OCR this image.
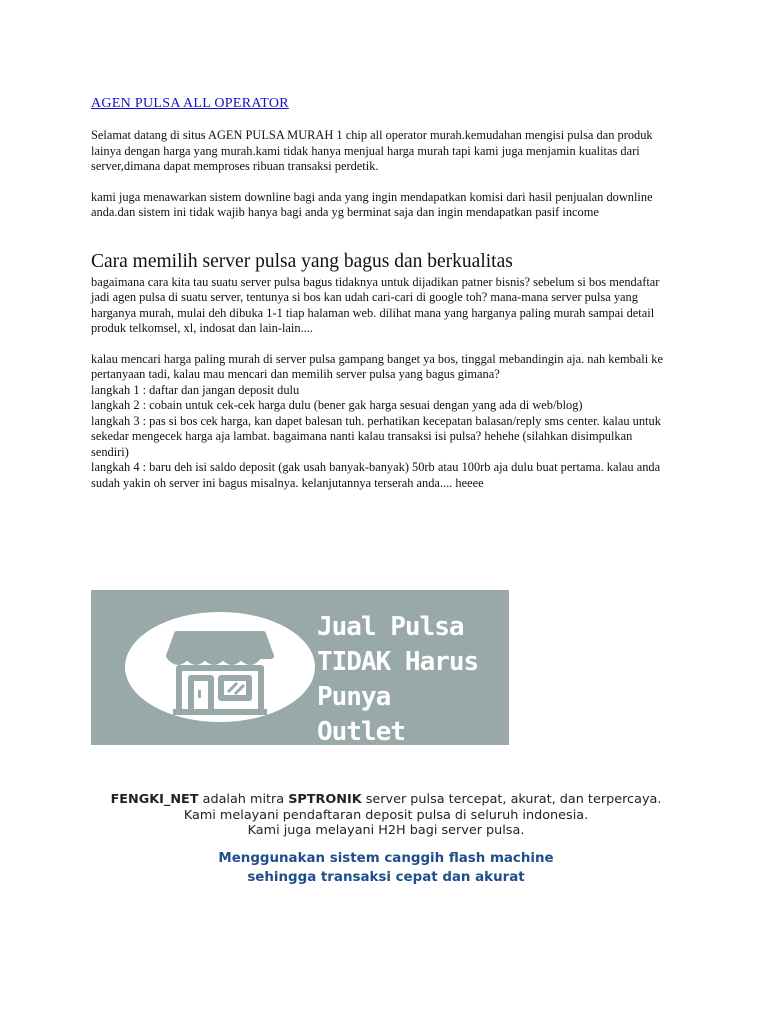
AGEN PULSA ALL OPERATOR

Selamat datang di situs AGEN PULSA MURAH 1 chip all operator murah.kemudahan mengisi pulsa dan produk lainya dengan harga yang murah.kami tidak hanya menjual harga murah tapi kami juga menjamin kualitas dari server,dimana dapat memproses ribuan transaksi perdetik.

kami juga menawarkan sistem downline bagi anda yang ingin mendapatkan komisi dari hasil penjualan downline anda.dan sistem ini tidak wajib hanya bagi anda yg berminat saja dan ingin mendapatkan pasif income

Cara memilih server pulsa yang bagus dan berkualitas

bagaimana cara kita tau suatu server pulsa bagus tidaknya untuk dijadikan patner bisnis? sebelum si bos mendaftar jadi agen pulsa di suatu server, tentunya si bos kan udah cari-cari di google toh? mana-mana server pulsa yang harganya murah, mulai deh dibuka 1-1 tiap halaman web. dilihat mana yang harganya paling murah sampai detail produk telkomsel, xl, indosat dan lain-lain....

kalau mencari harga paling murah di server pulsa gampang banget ya bos, tinggal mebandingin aja. nah kembali ke pertanyaan tadi, kalau mau mencari dan memilih server pulsa yang bagus gimana?

langkah 1 : daftar dan jangan deposit dulu
langkah 2 : cobain untuk cek-cek harga dulu (bener gak harga sesuai dengan yang ada di web/blog)
langkah 3 : pas si bos cek harga, kan dapet balesan tuh. perhatikan kecepatan balasan/reply sms center. kalau untuk sekedar mengecek harga aja lambat. bagaimana nanti kalau transaksi isi pulsa? hehehe (silahkan disimpulkan sendiri)
langkah 4 : baru deh isi saldo deposit (gak usah banyak-banyak) 50rb atau 100rb aja dulu buat pertama. kalau anda sudah yakin oh server ini bagus misalnya. kelanjutannya terserah anda.... heeee
Jual Pulsa
TIDAK Harus
Punya Outlet
FENGKI_NET adalah mitra SPTRONIK server pulsa tercepat, akurat, dan terpercaya.
Kami melayani pendaftaran deposit pulsa di seluruh indonesia.
Kami juga melayani H2H bagi server pulsa.
Menggunakan sistem canggih flash machine
sehingga transaksi cepat dan akurat
